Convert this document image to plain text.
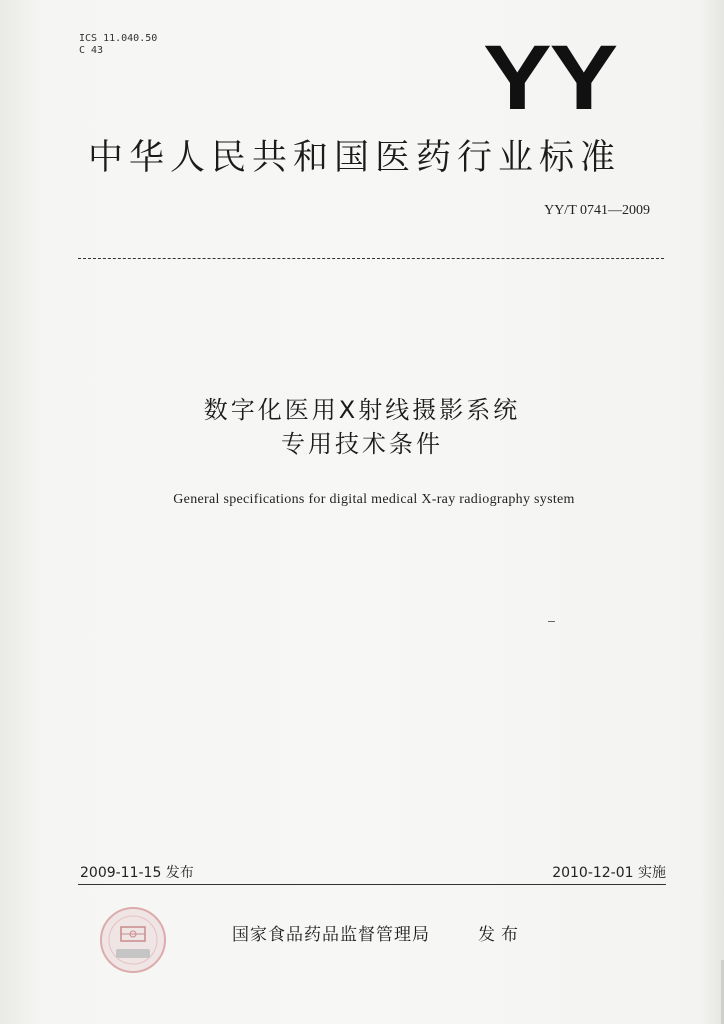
ICS 11.040.50
C 43	YY
中华人民共和国医药行业标准
YY/T 0741—2009
数字化医用X射线摄影系统
专用技术条件
General specifications for digital medical X-ray radiography system
2009-11-15 发布	2010-12-01 实施
国家食品药品监督管理局	发布
